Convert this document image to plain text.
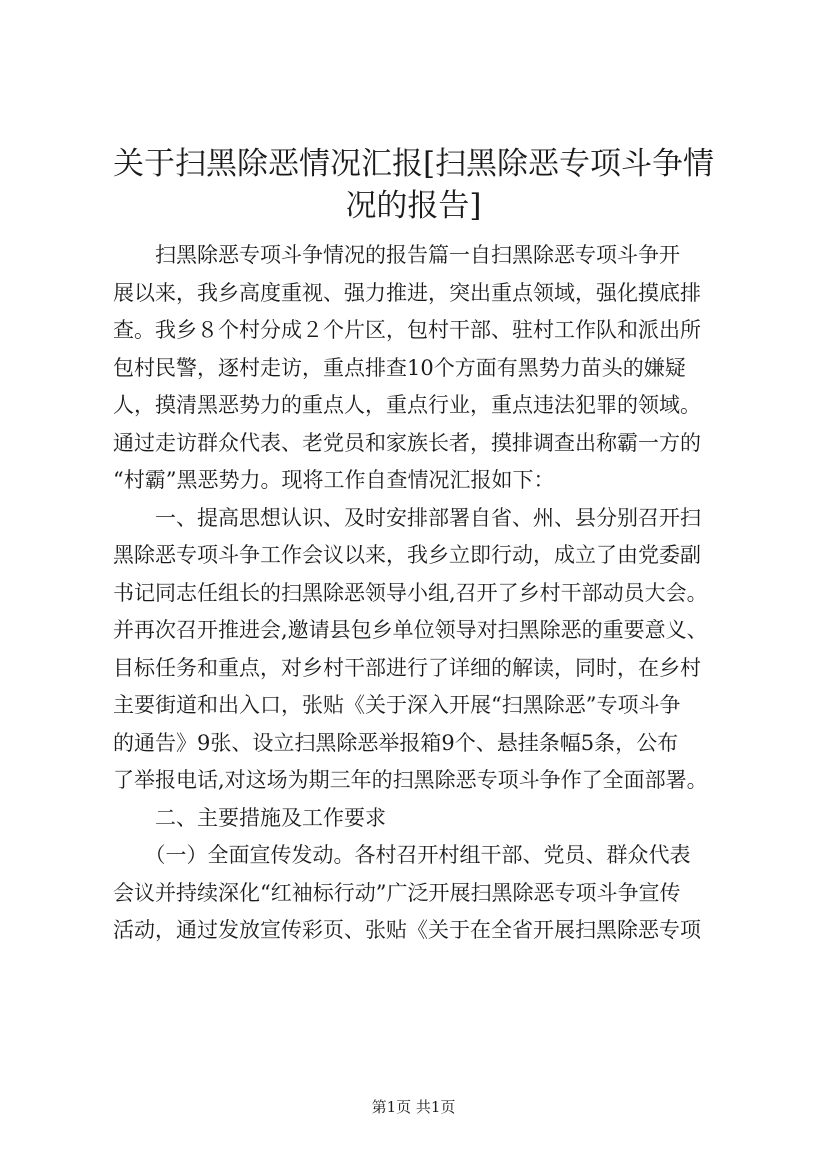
关于扫黑除恶情况汇报[扫黑除恶专项斗争情
况的报告]

　　扫黑除恶专项斗争情况的报告篇一自扫黑除恶专项斗争开
展以来，我乡高度重视、强力推进，突出重点领域，强化摸底排
查。我乡８个村分成２个片区，包村干部、驻村工作队和派出所
包村民警，逐村走访，重点排查10个方面有黑势力苗头的嫌疑
人，摸清黑恶势力的重点人，重点行业，重点违法犯罪的领域。
通过走访群众代表、老党员和家族长者，摸排调查出称霸一方的
“村霸”黑恶势力。现将工作自查情况汇报如下：

　　一、提高思想认识、及时安排部署自省、州、县分别召开扫
黑除恶专项斗争工作会议以来，我乡立即行动，成立了由党委副
书记同志任组长的扫黑除恶领导小组,召开了乡村干部动员大会。
并再次召开推进会,邀请县包乡单位领导对扫黑除恶的重要意义、
目标任务和重点，对乡村干部进行了详细的解读，同时，在乡村
主要街道和出入口，张贴《关于深入开展“扫黑除恶”专项斗争
的通告》9张、设立扫黑除恶举报箱9个、悬挂条幅5条，公布
了举报电话,对这场为期三年的扫黑除恶专项斗争作了全面部署。

　　二、主要措施及工作要求

　　（一）全面宣传发动。各村召开村组干部、党员、群众代表
会议并持续深化“红袖标行动”广泛开展扫黑除恶专项斗争宣传
活动，通过发放宣传彩页、张贴《关于在全省开展扫黑除恶专项

第1页 共1页
